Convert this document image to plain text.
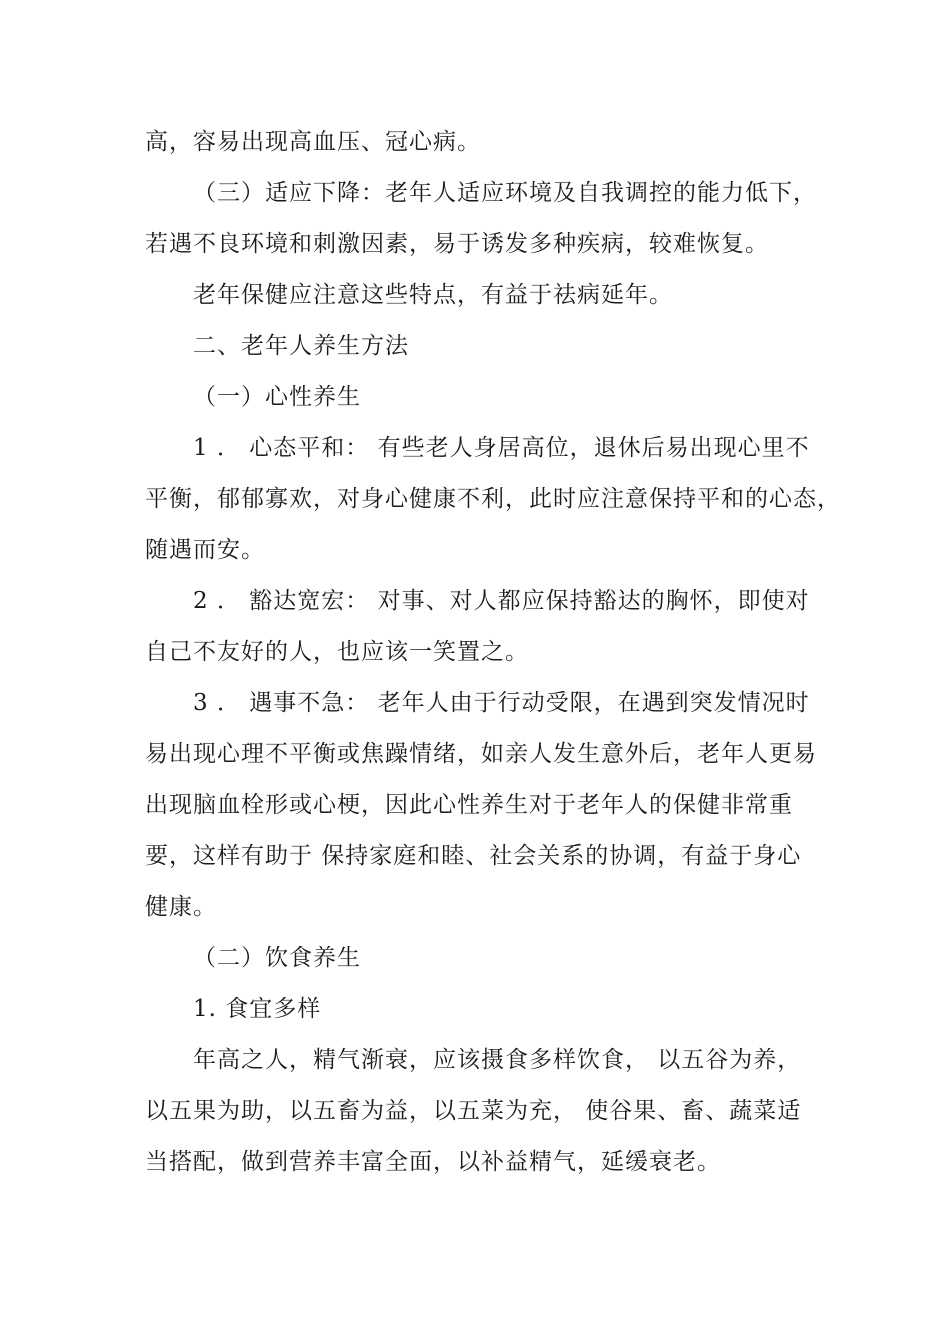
高，容易出现高血压、冠心病。
（三）适应下降：老年人适应环境及自我调控的能力低下，
若遇不良环境和刺激因素，易于诱发多种疾病，较难恢复。
老年保健应注意这些特点，有益于祛病延年。
二、老年人养生方法
（一）心性养生
1 ． 心态平和： 有些老人身居高位，退休后易出现心里不
平衡，郁郁寡欢，对身心健康不利，此时应注意保持平和的心态，
随遇而安。
2 ． 豁达宽宏： 对事、对人都应保持豁达的胸怀，即使对
自己不友好的人，也应该一笑置之。
3 ． 遇事不急： 老年人由于行动受限，在遇到突发情况时
易出现心理不平衡或焦躁情绪，如亲人发生意外后，老年人更易
出现脑血栓形或心梗，因此心性养生对于老年人的保健非常重
要，这样有助于 保持家庭和睦、社会关系的协调，有益于身心
健康。
（二）饮食养生
1. 食宜多样
年高之人，精气渐衰，应该摄食多样饮食， 以五谷为养，
以五果为助，以五畜为益，以五菜为充， 使谷果、畜、蔬菜适
当搭配，做到营养丰富全面，以补益精气，延缓衰老。
